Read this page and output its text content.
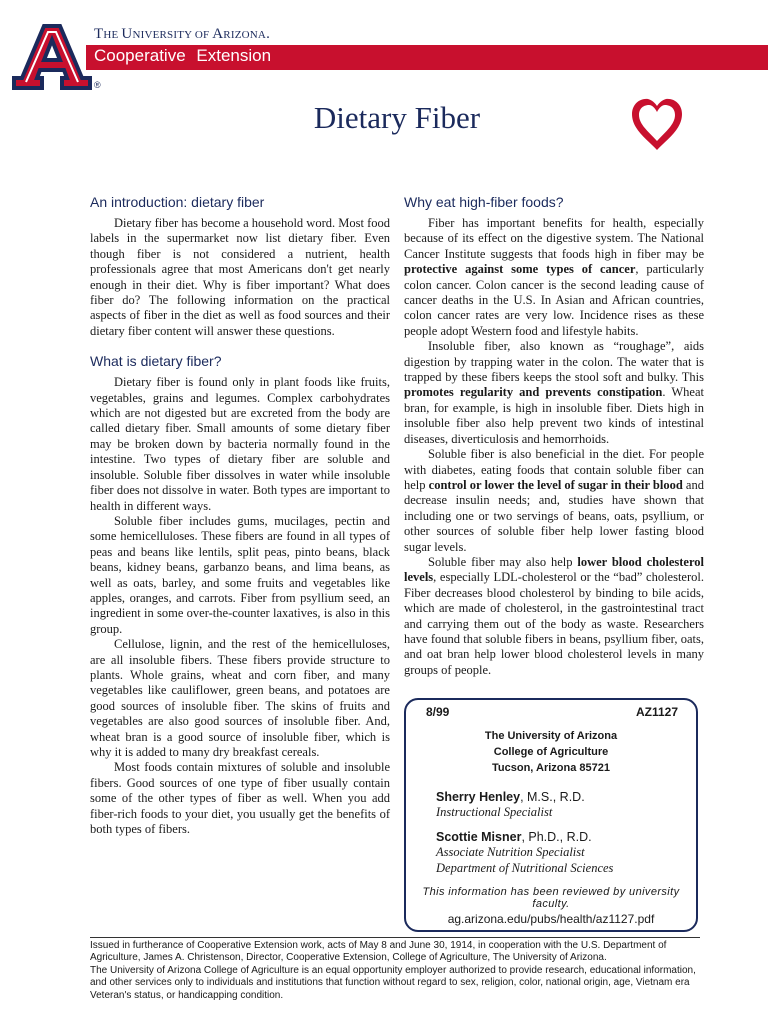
THE UNIVERSITY OF ARIZONA.
Cooperative Extension
®
Dietary Fiber
An introduction: dietary fiber

Dietary fiber has become a household word. Most food labels in the supermarket now list dietary fiber. Even though fiber is not considered a nutrient, health professionals agree that most Americans don't get nearly enough in their diet. Why is fiber important? What does fiber do? The following information on the practical aspects of fiber in the diet as well as food sources and their dietary fiber content will answer these questions.

What is dietary fiber?

Dietary fiber is found only in plant foods like fruits, vegetables, grains and legumes. Complex carbohydrates which are not digested but are excreted from the body are called dietary fiber. Small amounts of some dietary fiber may be broken down by bacteria normally found in the intestine. Two types of dietary fiber are soluble and insoluble. Soluble fiber dissolves in water while insoluble fiber does not dissolve in water. Both types are important to health in different ways.

Soluble fiber includes gums, mucilages, pectin and some hemicelluloses. These fibers are found in all types of peas and beans like lentils, split peas, pinto beans, black beans, kidney beans, garbanzo beans, and lima beans, as well as oats, barley, and some fruits and vegetables like apples, oranges, and carrots. Fiber from psyllium seed, an ingredient in some over-the-counter laxatives, is also in this group.

Cellulose, lignin, and the rest of the hemicelluloses, are all insoluble fibers. These fibers provide structure to plants. Whole grains, wheat and corn fiber, and many vegetables like cauliflower, green beans, and potatoes are good sources of insoluble fiber. The skins of fruits and vegetables are also good sources of insoluble fiber. And, wheat bran is a good source of insoluble fiber, which is why it is added to many dry breakfast cereals.

Most foods contain mixtures of soluble and insoluble fibers. Good sources of one type of fiber usually contain some of the other types of fiber as well. When you add fiber-rich foods to your diet, you usually get the benefits of both types of fibers.

Why eat high-fiber foods?

Fiber has important benefits for health, especially because of its effect on the digestive system. The National Cancer Institute suggests that foods high in fiber may be protective against some types of cancer, particularly colon cancer. Colon cancer is the second leading cause of cancer deaths in the U.S. In Asian and African countries, colon cancer rates are very low. Incidence rises as these people adopt Western food and lifestyle habits.

Insoluble fiber, also known as “roughage”, aids digestion by trapping water in the colon. The water that is trapped by these fibers keeps the stool soft and bulky. This promotes regularity and prevents constipation. Wheat bran, for example, is high in insoluble fiber. Diets high in insoluble fiber also help prevent two kinds of intestinal diseases, diverticulosis and hemorrhoids.

Soluble fiber is also beneficial in the diet. For people with diabetes, eating foods that contain soluble fiber can help control or lower the level of sugar in their blood and decrease insulin needs; and, studies have shown that including one or two servings of beans, oats, psyllium, or other sources of soluble fiber help lower fasting blood sugar levels.

Soluble fiber may also help lower blood cholesterol levels, especially LDL-cholesterol or the “bad” cholesterol. Fiber decreases blood cholesterol by binding to bile acids, which are made of cholesterol, in the gastrointestinal tract and carrying them out of the body as waste. Researchers have found that soluble fibers in beans, psyllium fiber, oats, and oat bran help lower blood cholesterol levels in many groups of people.

8/99	AZ1127
The University of Arizona
College of Agriculture
Tucson, Arizona 85721
Sherry Henley, M.S., R.D.
Instructional Specialist
Scottie Misner, Ph.D., R.D.
Associate Nutrition Specialist
Department of Nutritional Sciences
This information has been reviewed by university faculty.
ag.arizona.edu/pubs/health/az1127.pdf

Issued in furtherance of Cooperative Extension work, acts of May 8 and June 30, 1914, in cooperation with the U.S. Department of Agriculture, James A. Christenson, Director, Cooperative Extension, College of Agriculture, The University of Arizona.

The University of Arizona College of Agriculture is an equal opportunity employer authorized to provide research, educational information, and other services only to individuals and institutions that function without regard to sex, religion, color, national origin, age, Vietnam era Veteran's status, or handicapping condition.
